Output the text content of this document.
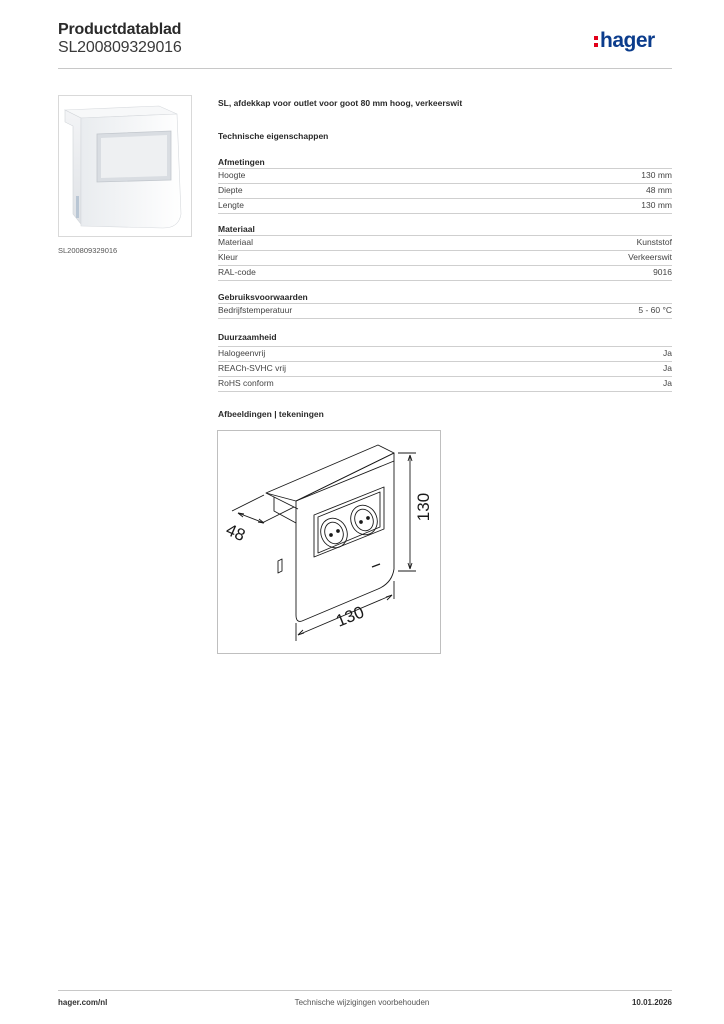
Productdatablad
SL200809329016	hager
SL200809329016
SL, afdekkap voor outlet voor goot 80 mm hoog, verkeerswit
Technische eigenschappen
Afmetingen
Hoogte	130 mm
Diepte	48 mm
Lengte	130 mm
Materiaal
Materiaal	Kunststof
Kleur	Verkeerswit
RAL-code	9016
Gebruiksvoorwaarden
Bedrijfstemperatuur	5 - 60 °C
Duurzaamheid
Halogeenvrij	Ja
REACh-SVHC vrij	Ja
RoHS conform	Ja
Afbeeldingen | tekeningen
130
130
48
hager.com/nl	Technische wijzigingen voorbehouden	10.01.2026
